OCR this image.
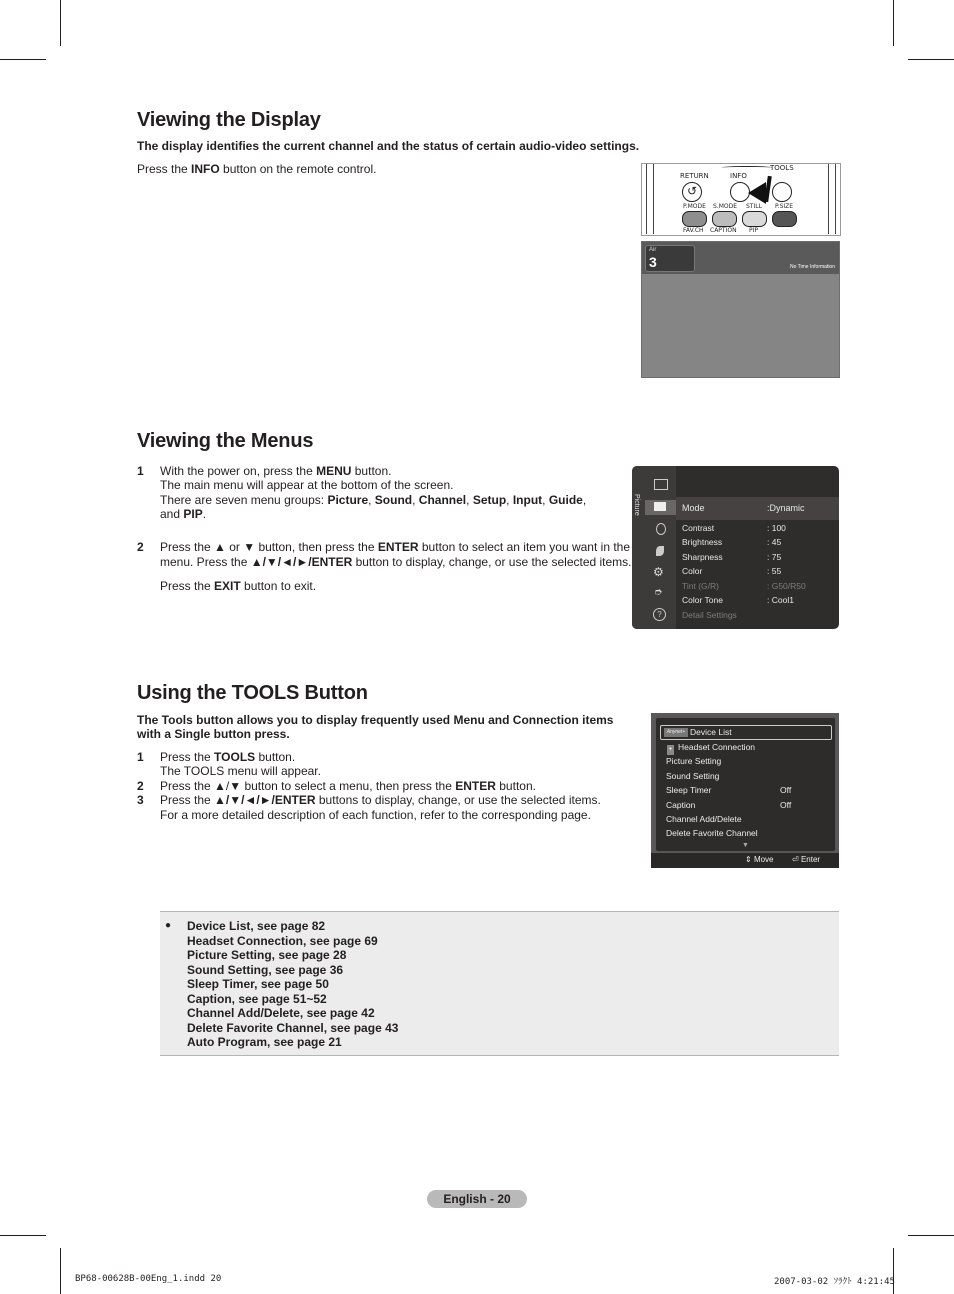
Viewing the Display

The display identifies the current channel and the status of certain audio-video settings.

Press the INFO button on the remote control.	RETURN	INFO
TOOLS
↺
P.MODE S.MODE STILL P.SIZE
FAV.CH CAPTION PIP
Air
3	No Time Information
Viewing the Menus
1 With the power on, press the MENU button.

The main menu will appear at the bottom of the screen.

There are seven menu groups: Picture, Sound, Channel, Setup, Input, Guide,

and PIP.

2 Press the ▲ or ▼ button, then press the ENTER button to select an item you want in the

menu. Press the ▲/▼/◄/►/ENTER button to display, change, or use the selected items.

Press the EXIT button to exit.

Picture
⚙
➮
?
Mode	:Dynamic
Contrast	: 100
Brightness	: 45
Sharpness	: 75
Color	: 55
Tint (G/R)	: G50/R50
Color Tone	: Cool1
Detail Settings
Using the TOOLS Button

The Tools button allows you to display frequently used Menu and Connection items

with a Single button press.

1 Press the TOOLS button.

The TOOLS menu will appear.

2 Press the ▲/▼ button to select a menu, then press the ENTER button.

3 Press the ▲/▼/◄/►/ENTER buttons to display, change, or use the selected items.

For a more detailed description of each function, refer to the corresponding page.

Anynet+
•
Device List
Headset Connection
Picture Setting
Sound Setting
Sleep Timer	Off
Caption	Off
Channel Add/Delete
Delete Favorite Channel
▼
⇕ Move ⏎ Enter
● Device List, see page 82
Headset Connection, see page 69
Picture Setting, see page 28
Sound Setting, see page 36
Sleep Timer, see page 50
Caption, see page 51~52
Channel Add/Delete, see page 42
Delete Favorite Channel, see page 43
Auto Program, see page 21
English - 20
BP68-00628B-00Eng_1.indd 20	2007-03-02 ｿﾗｸﾄ 4:21:45
